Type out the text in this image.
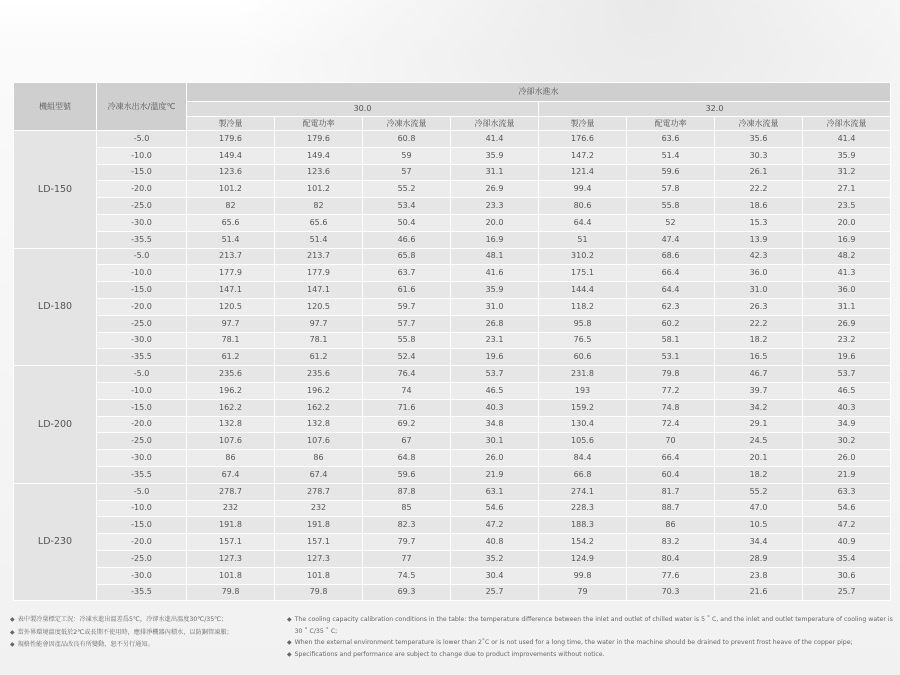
機組型號	冷凍水出水/溫度℃	冷卻水進水							
		30.0				32.0			
		製冷量	配電功率	冷凍水流量	冷卻水流量	製冷量	配電功率	冷凍水流量	冷卻水流量
LD-150	-5.0	179.6	179.6	60.8	41.4	176.6	63.6	35.6	41.4
	-10.0	149.4	149.4	59	35.9	147.2	51.4	30.3	35.9
	-15.0	123.6	123.6	57	31.1	121.4	59.6	26.1	31.2
	-20.0	101.2	101.2	55.2	26.9	99.4	57.8	22.2	27.1
	-25.0	82	82	53.4	23.3	80.6	55.8	18.6	23.5
	-30.0	65.6	65.6	50.4	20.0	64.4	52	15.3	20.0
	-35.5	51.4	51.4	46.6	16.9	51	47.4	13.9	16.9
LD-180	-5.0	213.7	213.7	65.8	48.1	310.2	68.6	42.3	48.2
	-10.0	177.9	177.9	63.7	41.6	175.1	66.4	36.0	41.3
	-15.0	147.1	147.1	61.6	35.9	144.4	64.4	31.0	36.0
	-20.0	120.5	120.5	59.7	31.0	118.2	62.3	26.3	31.1
	-25.0	97.7	97.7	57.7	26.8	95.8	60.2	22.2	26.9
	-30.0	78.1	78.1	55.8	23.1	76.5	58.1	18.2	23.2
	-35.5	61.2	61.2	52.4	19.6	60.6	53.1	16.5	19.6
LD-200	-5.0	235.6	235.6	76.4	53.7	231.8	79.8	46.7	53.7
	-10.0	196.2	196.2	74	46.5	193	77.2	39.7	46.5
	-15.0	162.2	162.2	71.6	40.3	159.2	74.8	34.2	40.3
	-20.0	132.8	132.8	69.2	34.8	130.4	72.4	29.1	34.9
	-25.0	107.6	107.6	67	30.1	105.6	70	24.5	30.2
	-30.0	86	86	64.8	26.0	84.4	66.4	20.1	26.0
	-35.5	67.4	67.4	59.6	21.9	66.8	60.4	18.2	21.9
LD-230	-5.0	278.7	278.7	87.8	63.1	274.1	81.7	55.2	63.3
	-10.0	232	232	85	54.6	228.3	88.7	47.0	54.6
	-15.0	191.8	191.8	82.3	47.2	188.3	86	10.5	47.2
	-20.0	157.1	157.1	79.7	40.8	154.2	83.2	34.4	40.9
	-25.0	127.3	127.3	77	35.2	124.9	80.4	28.9	35.4
	-30.0	101.8	101.8	74.5	30.4	99.8	77.6	23.8	30.6
	-35.5	79.8	79.8	69.3	25.7	79	70.3	21.6	25.7
◆ 表中製冷量標定工況：冷凍水進出溫差爲5℃，冷卻水進出溫度30℃/35℃；
◆ 當外界環境溫度低於2℃或長期不使用時，應排淨機器內積水，以防銅管凍脹；
◆ 規格性能會因產品改良有所變動，恕不另行通知。
◆ The cooling capacity calibration conditions in the table: the temperature difference between the inlet and outlet of chilled water is 5 ˚ C, and the inlet and outlet temperature of cooling water is 30 ˚ C/35 ˚ C;
◆ When the external environment temperature is lower than 2˚C or is not used for a long time, the water in the machine should be drained to prevent frost heave of the copper pipe;
◆ Specifications and performance are subject to change due to product improvements without notice.
